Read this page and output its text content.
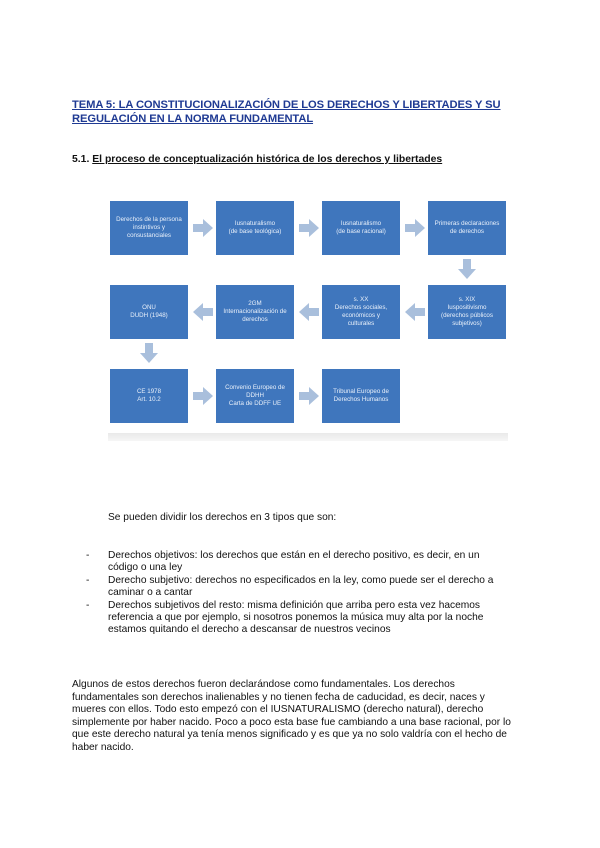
TEMA 5: LA CONSTITUCIONALIZACIÓN DE LOS DERECHOS Y LIBERTADES Y SU REGULACIÓN EN LA NORMA FUNDAMENTAL
5.1. El proceso de conceptualización histórica de los derechos y libertades
Derechos de la persona
instintivos y
consustanciales
Iusnaturalismo
(de base teológica)
Iusnaturalismo
(de base racional)
Primeras declaraciones
de derechos
s. XIX
Iuspositivismo
(derechos públicos
subjetivos)
s. XX
Derechos sociales,
económicos y
culturales
2GM
Internacionalización de
derechos
ONU
DUDH (1948)
CE 1978
Art. 10.2
Convenio Europeo de
DDHH
Carta de DDFF UE
Tribunal Europeo de
Derechos Humanos
Se pueden dividir los derechos en 3 tipos que son:
- Derechos objetivos: los derechos que están en el derecho positivo, es decir, en un código o una ley
- Derecho subjetivo: derechos no especificados en la ley, como puede ser el derecho a caminar o a cantar
- Derechos subjetivos del resto: misma definición que arriba pero esta vez hacemos referencia a que por ejemplo, si nosotros ponemos la música muy alta por la noche estamos quitando el derecho a descansar de nuestros vecinos
Algunos de estos derechos fueron declarándose como fundamentales. Los derechos fundamentales son derechos inalienables y no tienen fecha de caducidad, es decir, naces y mueres con ellos. Todo esto empezó con el IUSNATURALISMO (derecho natural), derecho simplemente por haber nacido. Poco a poco esta base fue cambiando a una base racional, por lo que este derecho natural ya tenía menos significado y es que ya no solo valdría con el hecho de haber nacido.
